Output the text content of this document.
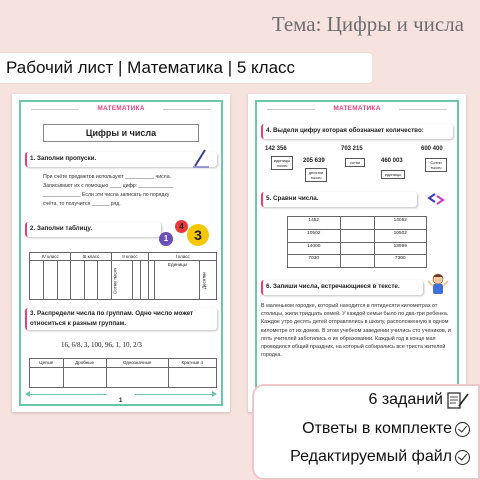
Тема: Цифры и числа
Рабочий лист | Математика | 5 класс
МАТЕМАТИКА
Цифры и числа
1. Заполни пропуски.
При счёте предметов используют __________ числа.
Записывают их с помощью ____ цифр: ____________
_____________ Если эти числа записать по порядку
счёта, то получится ______ ряд.
2. Заполни таблицу.
1
4
3
IV класс			III класс			II класс			I класс		
						Сотни тысяч				Единицы	Десятки
3. Распредели числа по группам. Одно число может относиться к разным группам.
16, 6/8, 3, 100, 96, 1, 10, 2/3
Целые	Дробные	Однозначные	Кратные 4

1
МАТЕМАТИКА
4. Выдели цифру которая обозначает количество:
142 356
единицы тысяч
205 639
десятки тысяч
703 215
сотни	460 003
единицы
600 400
Сотни тысяч
5. Сравни числа.
1452		14052
10502		10502
14000		13999
7030		7300
6. Запиши числа, встречающиеся в тексте.
В маленьком городке, который находится в пятидесяти километрах от столицы, жили тридцать семей. У каждой семьи было по два-три ребенка. Каждое утро десять детей отправлялись в школу, расположенную в одном километре от их домов. В этом учебном заведении учились сто учеников, и пять учителей заботились о их образовании. Каждый год в конце мая проводился общий праздник, на который собирались все триста жителей городка.
6 заданий
Ответы в комплекте
Редактируемый файл
